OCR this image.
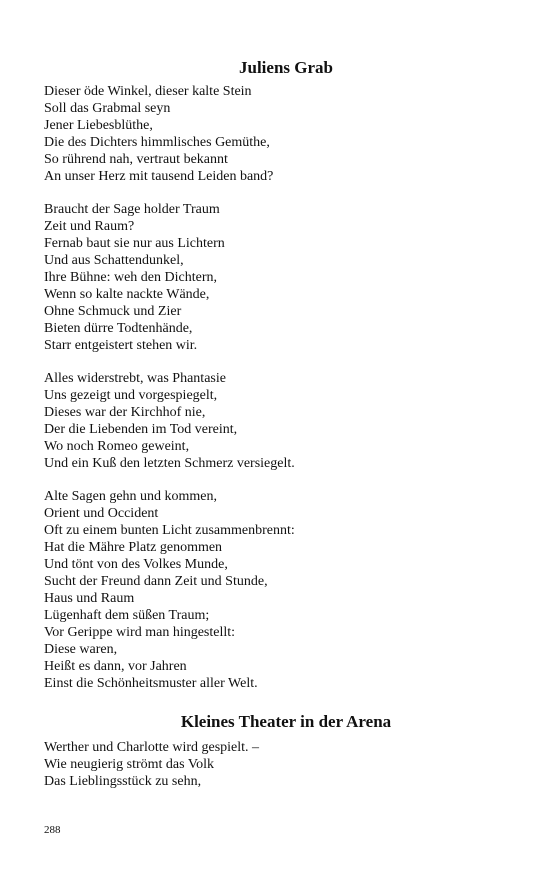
Juliens Grab
Dieser öde Winkel, dieser kalte Stein
Soll das Grabmal seyn
Jener Liebesblüthe,
Die des Dichters himmlisches Gemüthe,
So rührend nah, vertraut bekannt
An unser Herz mit tausend Leiden band?
Braucht der Sage holder Traum
Zeit und Raum?
Fernab baut sie nur aus Lichtern
Und aus Schattendunkel,
Ihre Bühne: weh den Dichtern,
Wenn so kalte nackte Wände,
Ohne Schmuck und Zier
Bieten dürre Todtenhände,
Starr entgeistert stehen wir.
Alles widerstrebt, was Phantasie
Uns gezeigt und vorgespiegelt,
Dieses war der Kirchhof nie,
Der die Liebenden im Tod vereint,
Wo noch Romeo geweint,
Und ein Kuß den letzten Schmerz versiegelt.
Alte Sagen gehn und kommen,
Orient und Occident
Oft zu einem bunten Licht zusammenbrennt:
Hat die Mähre Platz genommen
Und tönt von des Volkes Munde,
Sucht der Freund dann Zeit und Stunde,
Haus und Raum
Lügenhaft dem süßen Traum;
Vor Gerippe wird man hingestellt:
Diese waren,
Heißt es dann, vor Jahren
Einst die Schönheitsmuster aller Welt.
Kleines Theater in der Arena
Werther und Charlotte wird gespielt. –
Wie neugierig strömt das Volk
Das Lieblingsstück zu sehn,
288
